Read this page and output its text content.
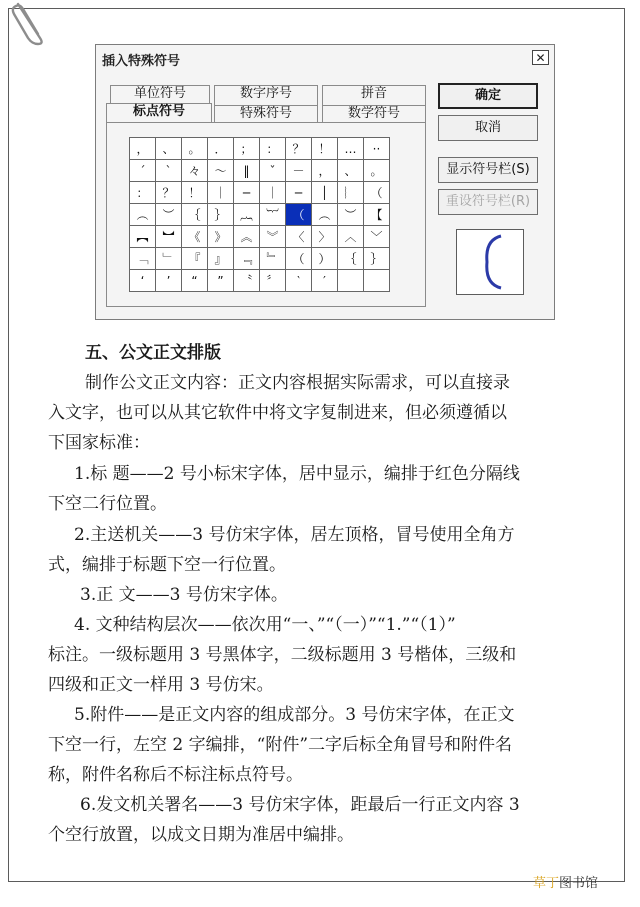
插入特殊符号	✕
单位符号	数字序号	拼音
标点符号	特殊符号	数学符号
，	、	。	．	；	：	？	！	…	··
´	ˋ	々	～	‖	ˇ	－	，	、	。
：	？	！	｜	─	｜	─	│	︴	（
︵	︶	｛	｝	︷	︸	（	︵	︶	【
︻	︼	《	》	︽	︾	〈	〉	︿	﹀
﹁	﹂	『	』	﹃	﹄	（	）	｛	｝
‘	’	“	”	〝	〞	‵	′
确定
取消
显示符号栏(S)
重设符号栏(R)
五、公文正文排版
制作公文正文内容：正文内容根据实际需求，可以直接录
入文字，也可以从其它软件中将文字复制进来，但必须遵循以
下国家标准：
1.标 题——2 号小标宋字体，居中显示，编排于红色分隔线
下空二行位置。
2.主送机关——3 号仿宋字体，居左顶格，冒号使用全角方
式，编排于标题下空一行位置。
3.正 文——3 号仿宋字体。
4. 文种结构层次——依次用“一、”“（一）”“1.”“（1）”
标注。一级标题用 3 号黑体字，二级标题用 3 号楷体，三级和
四级和正文一样用 3 号仿宋。
5.附件——是正文内容的组成部分。3 号仿宋字体，在正文
下空一行，左空 2 字编排，“附件”二字后标全角冒号和附件名
称，附件名称后不标注标点符号。
6.发文机关署名——3 号仿宋字体，距最后一行正文内容 3
个空行放置，以成文日期为准居中编排。
草丁图书馆
